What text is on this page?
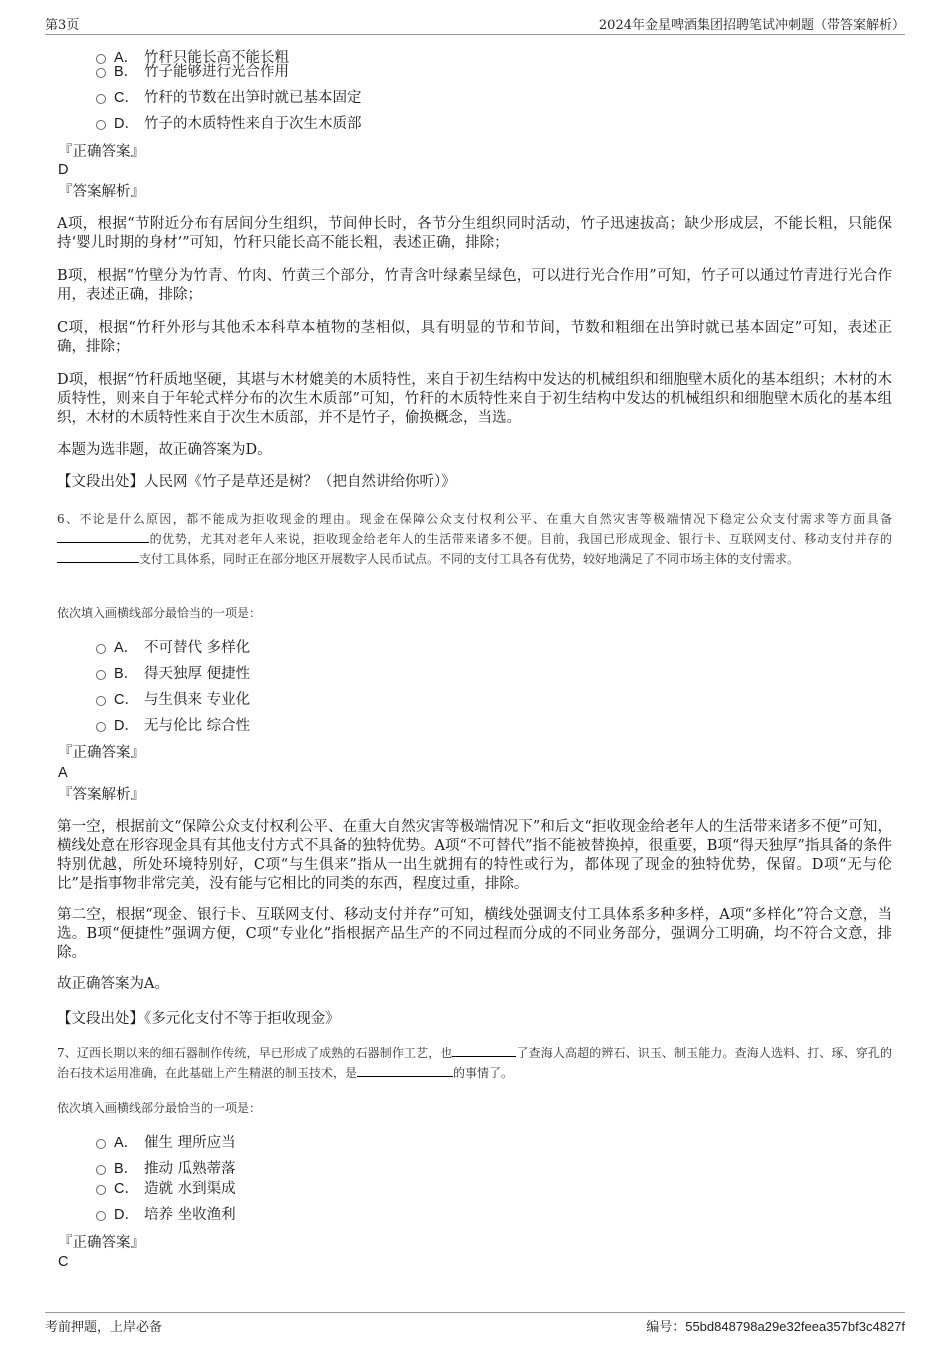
第3页	2024年金星啤酒集团招聘笔试冲刺题（带答案解析）
A． 竹秆只能长高不能长粗
B． 竹子能够进行光合作用
C． 竹秆的节数在出笋时就已基本固定
D． 竹子的木质特性来自于次生木质部
『正确答案』
D
『答案解析』
A项，根据“节附近分布有居间分生组织，节间伸长时，各节分生组织同时活动，竹子迅速拔高；缺少形成层，不能长粗，只能保持‘婴儿时期的身材’”可知，竹秆只能长高不能长粗，表述正确，排除；
B项，根据“竹壁分为竹青、竹肉、竹黄三个部分，竹青含叶绿素呈绿色，可以进行光合作用”可知，竹子可以通过竹青进行光合作用，表述正确，排除；
C项，根据“竹秆外形与其他禾本科草本植物的茎相似，具有明显的节和节间，节数和粗细在出笋时就已基本固定”可知，表述正确，排除；
D项，根据“竹秆质地坚硬，其堪与木材媲美的木质特性，来自于初生结构中发达的机械组织和细胞壁木质化的基本组织；木材的木质特性，则来自于年轮式样分布的次生木质部”可知，竹秆的木质特性来自于初生结构中发达的机械组织和细胞壁木质化的基本组织，木材的木质特性来自于次生木质部，并不是竹子，偷换概念，当选。
本题为选非题，故正确答案为D。
【文段出处】人民网《竹子是草还是树？（把自然讲给你听）》
6、不论是什么原因，都不能成为拒收现金的理由。现金在保障公众支付权利公平、在重大自然灾害等极端情况下稳定公众支付需求等方面具备的优势，尤其对老年人来说，拒收现金给老年人的生活带来诸多不便。目前，我国已形成现金、银行卡、互联网支付、移动支付并存的支付工具体系，同时正在部分地区开展数字人民币试点。不同的支付工具各有优势，较好地满足了不同市场主体的支付需求。
依次填入画横线部分最恰当的一项是：
A． 不可替代 多样化
B． 得天独厚 便捷性
C． 与生俱来 专业化
D． 无与伦比 综合性
『正确答案』
A
『答案解析』
第一空，根据前文“保障公众支付权利公平、在重大自然灾害等极端情况下”和后文“拒收现金给老年人的生活带来诸多不便”可知，横线处意在形容现金具有其他支付方式不具备的独特优势。A项“不可替代”指不能被替换掉，很重要，B项“得天独厚”指具备的条件特别优越，所处环境特别好，C项“与生俱来”指从一出生就拥有的特性或行为，都体现了现金的独特优势，保留。D项“无与伦比”是指事物非常完美，没有能与它相比的同类的东西，程度过重，排除。
第二空，根据“现金、银行卡、互联网支付、移动支付并存”可知，横线处强调支付工具体系多种多样，A项“多样化”符合文意，当选。B项“便捷性”强调方便，C项“专业化”指根据产品生产的不同过程而分成的不同业务部分，强调分工明确，均不符合文意，排除。
故正确答案为A。
【文段出处】《多元化支付不等于拒收现金》
7、辽西长期以来的细石器制作传统，早已形成了成熟的石器制作工艺，也	了查海人高超的辨石、识玉、制玉能力。查海人选料、打、琢、穿孔的治石技术运用准确，在此基础上产生精湛的制玉技术，是	的事情了。
依次填入画横线部分最恰当的一项是：
A． 催生 理所应当
B． 推动 瓜熟蒂落
C． 造就 水到渠成
D． 培养 坐收渔利
『正确答案』
C
考前押题，上岸必备	编号：55bd848798a29e32feea357bf3c4827f
